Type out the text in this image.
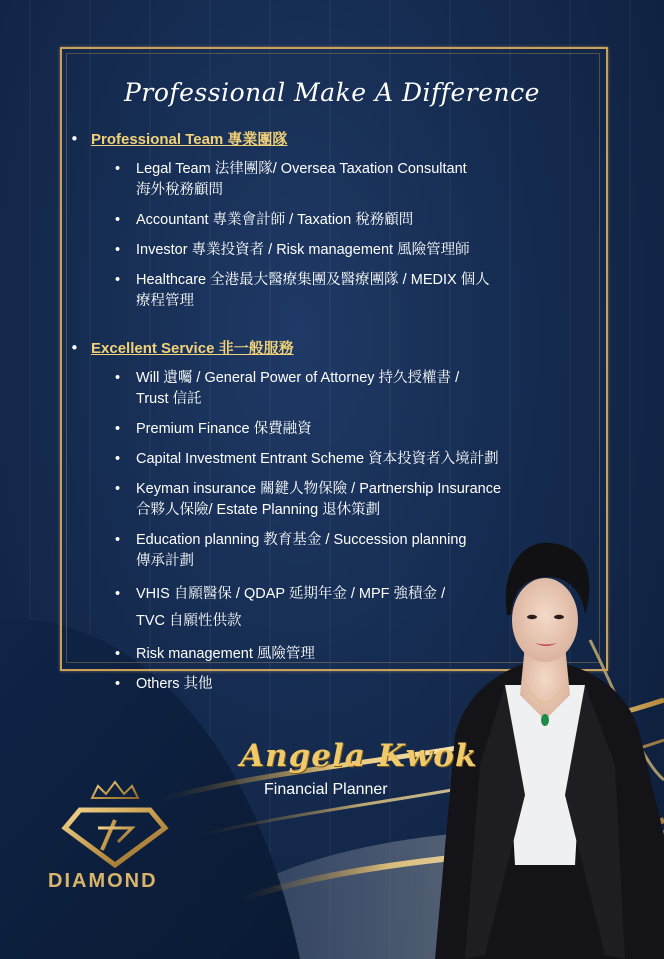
Professional Make A Difference
• Professional Team 專業團隊
• Legal Team 法律團隊/ Oversea Taxation Consultant
海外稅務顧問
• Accountant 專業會計師 / Taxation 稅務顧問
• Investor 專業投資者 / Risk management 風險管理師
• Healthcare 全港最大醫療集團及醫療團隊 / MEDIX 個人
療程管理
• Excellent Service 非一般服務
• Will 遺囑 / General Power of Attorney 持久授權書 /
Trust 信託
• Premium Finance 保費融資
• Capital Investment Entrant Scheme 資本投資者入境計劃
• Keyman insurance 關鍵人物保險 / Partnership Insurance
合夥人保險/ Estate Planning 退休策劃
• Education planning 教育基金 / Succession planning
傳承計劃
• VHIS 自願醫保 / QDAP 延期年金 / MPF 強積金 /
TVC 自願性供款
• Risk management 風險管理
• Others 其他
Angela Kwok
Financial Planner
DIAMOND
